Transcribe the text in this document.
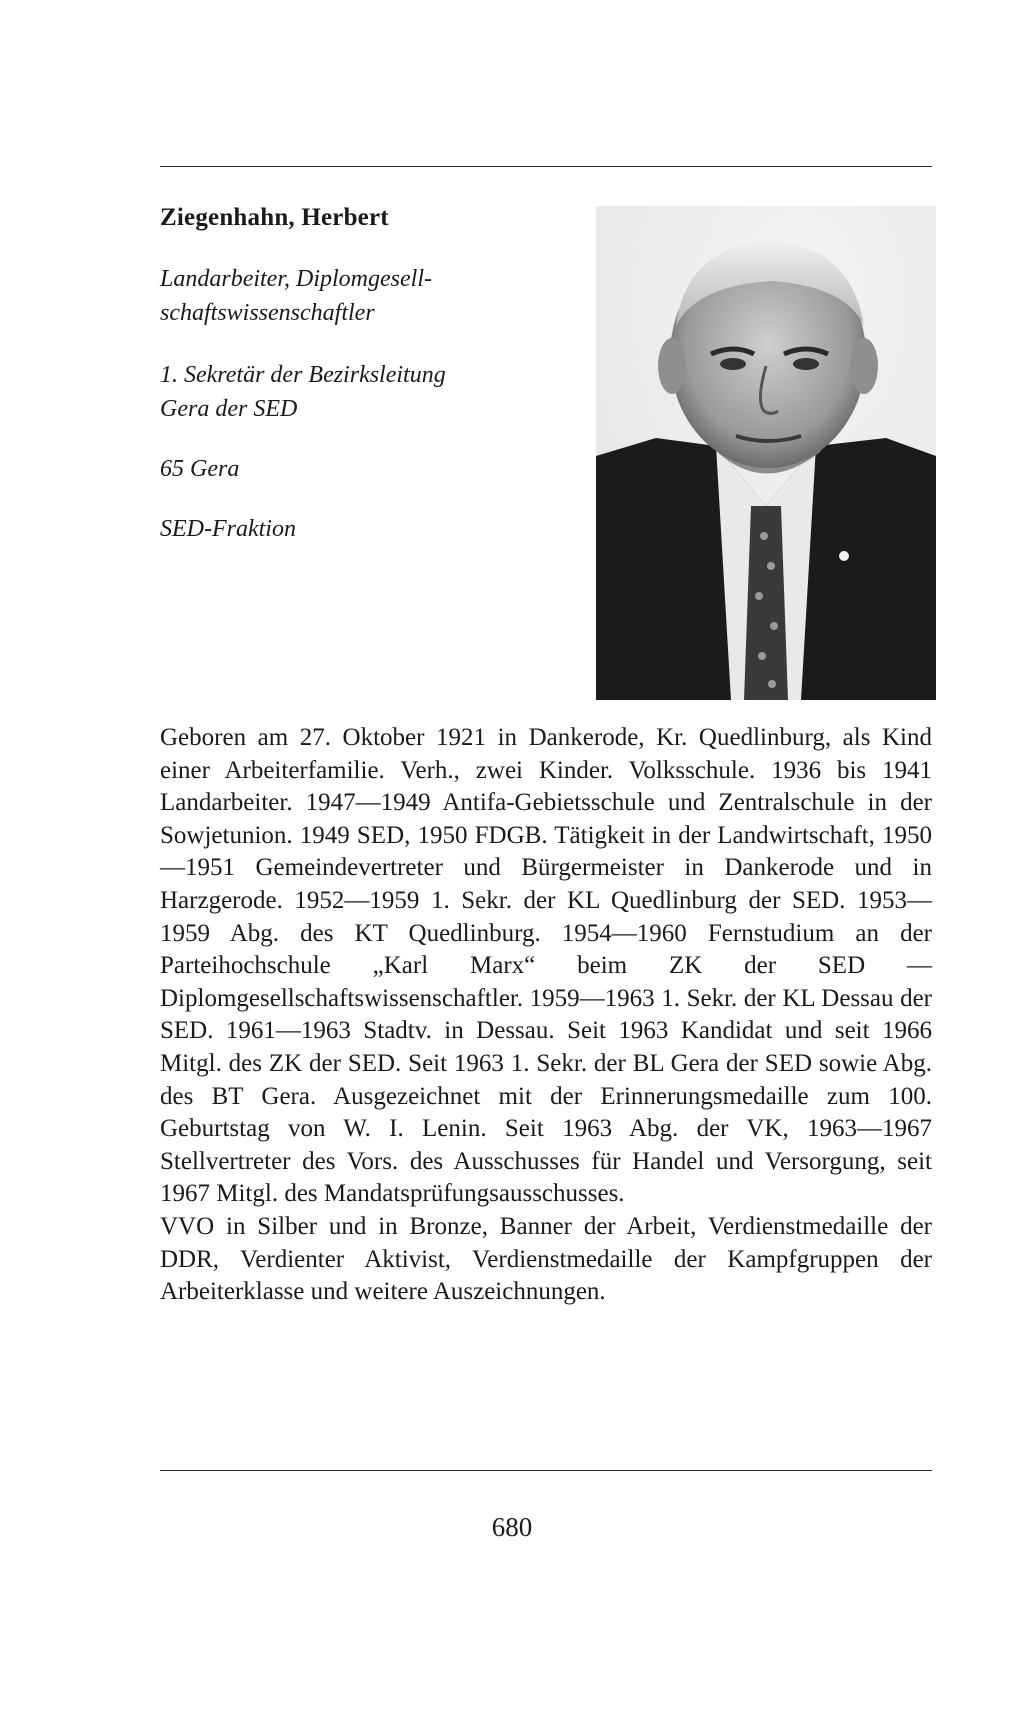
Ziegenhahn, Herbert
Landarbeiter, Diplomgesell-
schaftswissenschaftler
1. Sekretär der Bezirksleitung
Gera der SED
65 Gera
SED-Fraktion

Geboren am 27. Oktober 1921 in Dankerode, Kr. Quedlinburg, als Kind einer Arbeiterfamilie. Verh., zwei Kinder. Volksschule. 1936 bis 1941 Landarbeiter. 1947—1949 Antifa-Gebietsschule und Zentralschule in der Sowjetunion. 1949 SED, 1950 FDGB. Tätigkeit in der Landwirtschaft, 1950—1951 Gemeindevertreter und Bürgermeister in Dankerode und in Harzgerode. 1952—1959 1. Sekr. der KL Quedlinburg der SED. 1953—1959 Abg. des KT Quedlinburg. 1954—1960 Fernstudium an der Parteihochschule „Karl Marx“ beim ZK der SED — Diplomgesellschaftswissenschaftler. 1959—1963 1. Sekr. der KL Dessau der SED. 1961—1963 Stadtv. in Dessau. Seit 1963 Kandidat und seit 1966 Mitgl. des ZK der SED. Seit 1963 1. Sekr. der BL Gera der SED sowie Abg. des BT Gera. Ausgezeichnet mit der Erinnerungsmedaille zum 100. Geburtstag von W. I. Lenin. Seit 1963 Abg. der VK, 1963—1967 Stellvertreter des Vors. des Ausschusses für Handel und Versorgung, seit 1967 Mitgl. des Mandatsprüfungsausschusses.

VVO in Silber und in Bronze, Banner der Arbeit, Verdienstmedaille der DDR, Verdienter Aktivist, Verdienstmedaille der Kampfgruppen der Arbeiterklasse und weitere Auszeichnungen.

680
